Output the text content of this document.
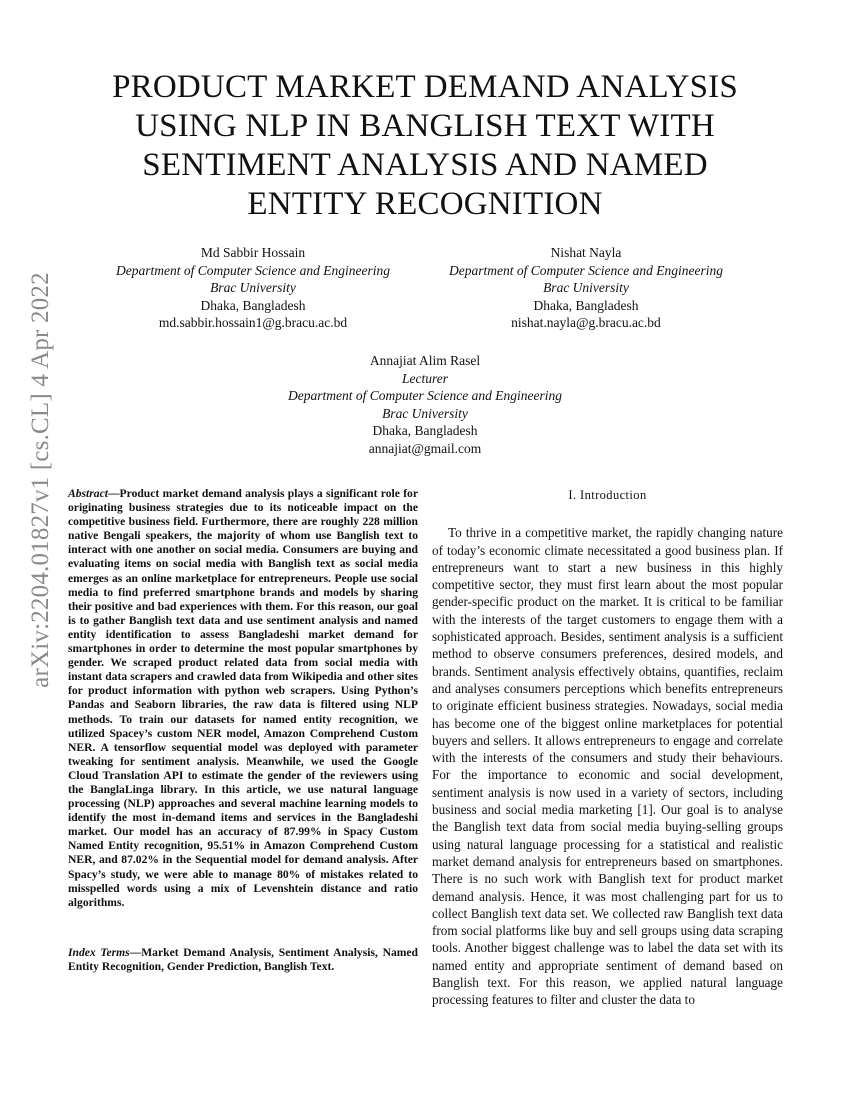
arXiv:2204.01827v1 [cs.CL] 4 Apr 2022
PRODUCT MARKET DEMAND ANALYSIS USING NLP IN BANGLISH TEXT WITH SENTIMENT ANALYSIS AND NAMED ENTITY RECOGNITION
Md Sabbir Hossain
Department of Computer Science and Engineering
Brac University
Dhaka, Bangladesh
md.sabbir.hossain1@g.bracu.ac.bd
Nishat Nayla
Department of Computer Science and Engineering
Brac University
Dhaka, Bangladesh
nishat.nayla@g.bracu.ac.bd
Annajiat Alim Rasel
Lecturer
Department of Computer Science and Engineering
Brac University
Dhaka, Bangladesh
annajiat@gmail.com

Abstract—Product market demand analysis plays a significant role for originating business strategies due to its noticeable impact on the competitive business field. Furthermore, there are roughly 228 million native Bengali speakers, the majority of whom use Banglish text to interact with one another on social media. Consumers are buying and evaluating items on social media with Banglish text as social media emerges as an online marketplace for entrepreneurs. People use social media to find preferred smartphone brands and models by sharing their positive and bad experiences with them. For this reason, our goal is to gather Banglish text data and use sentiment analysis and named entity identification to assess Bangladeshi market demand for smartphones in order to determine the most popular smartphones by gender. We scraped product related data from social media with instant data scrapers and crawled data from Wikipedia and other sites for product information with python web scrapers. Using Python’s Pandas and Seaborn libraries, the raw data is filtered using NLP methods. To train our datasets for named entity recognition, we utilized Spacey’s custom NER model, Amazon Comprehend Custom NER. A tensorflow sequential model was deployed with parameter tweaking for sentiment analysis. Meanwhile, we used the Google Cloud Translation API to estimate the gender of the reviewers using the BanglaLinga library. In this article, we use natural language processing (NLP) approaches and several machine learning models to identify the most in-demand items and services in the Bangladeshi market. Our model has an accuracy of 87.99% in Spacy Custom Named Entity recognition, 95.51% in Amazon Comprehend Custom NER, and 87.02% in the Sequential model for demand analysis. After Spacy’s study, we were able to manage 80% of mistakes related to misspelled words using a mix of Levenshtein distance and ratio algorithms.

Index Terms—Market Demand Analysis, Sentiment Analysis, Named Entity Recognition, Gender Prediction, Banglish Text.

I. Introduction

To thrive in a competitive market, the rapidly changing nature of today’s economic climate necessitated a good business plan. If entrepreneurs want to start a new business in this highly competitive sector, they must first learn about the most popular gender-specific product on the market. It is critical to be familiar with the interests of the target customers to engage them with a sophisticated approach. Besides, sentiment analysis is a sufficient method to observe consumers preferences, desired models, and brands. Sentiment analysis effectively obtains, quantifies, reclaim and analyses consumers perceptions which benefits entrepreneurs to originate efficient business strategies. Nowadays, social media has become one of the biggest online marketplaces for potential buyers and sellers. It allows entrepreneurs to engage and correlate with the interests of the consumers and study their behaviours. For the importance to economic and social development, sentiment analysis is now used in a variety of sectors, including business and social media marketing [1]. Our goal is to analyse the Banglish text data from social media buying-selling groups using natural language processing for a statistical and realistic market demand analysis for entrepreneurs based on smartphones. There is no such work with Banglish text for product market demand analysis. Hence, it was most challenging part for us to collect Banglish text data set. We collected raw Banglish text data from social platforms like buy and sell groups using data scraping tools. Another biggest challenge was to label the data set with its named entity and appropriate sentiment of demand based on Banglish text. For this reason, we applied natural language processing features to filter and cluster the data to
